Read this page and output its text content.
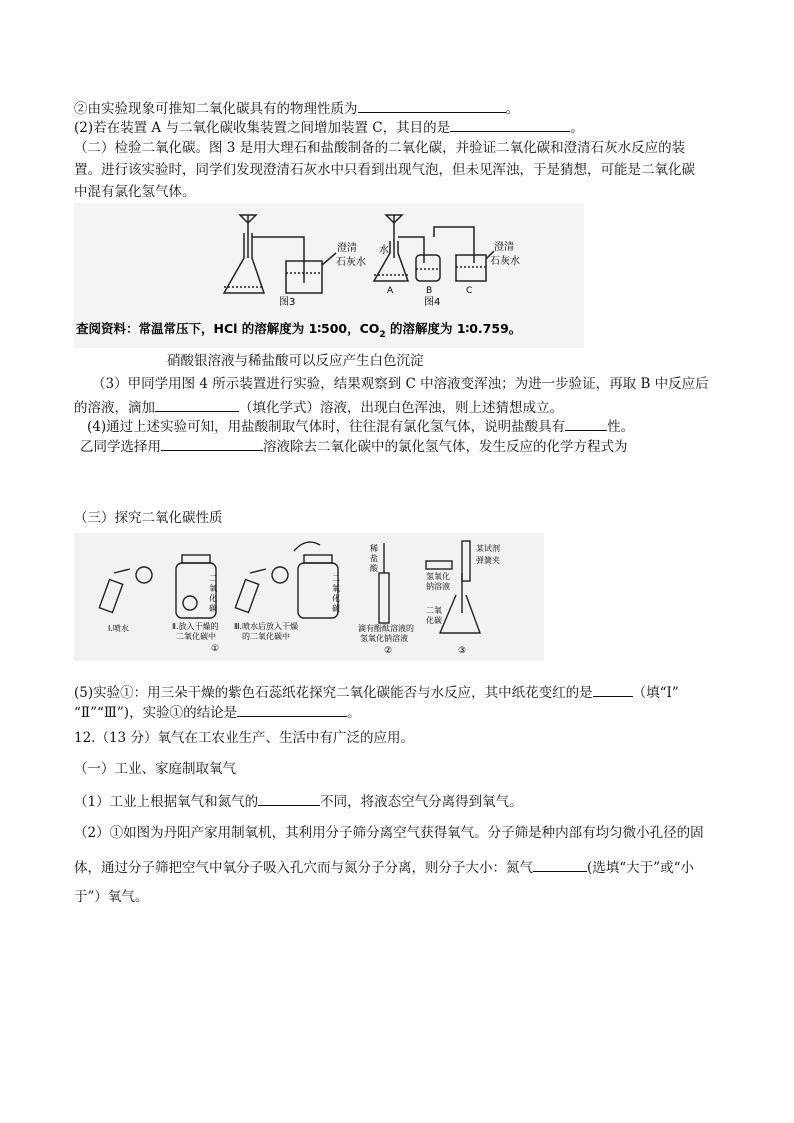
②由实验现象可推知二氧化碳具有的物理性质为	。
(2)若在装置 A 与二氧化碳收集装置之间增加装置 C，其目的是	。
（二）检验二氧化碳。图 3 是用大理石和盐酸制备的二氧化碳，并验证二氧化碳和澄清石灰水反应的装
置。进行该实验时，同学们发现澄清石灰水中只看到出现气泡，但未见浑浊，于是猜想，可能是二氧化碳
中混有氯化氢气体。
澄清
石灰水
图3
水	澄清
石灰水
A	B	C
图4
查阅资料：常温常压下，HCl 的溶解度为 1∶500，$CO_2$ 的溶解度为 1∶0.759。
硝酸银溶液与稀盐酸可以反应产生白色沉淀
（3）甲同学用图 4 所示装置进行实验，结果观察到 C 中溶液变浑浊；为进一步验证，再取 B 中反应后
的溶液，滴加	（填化学式）溶液，出现白色浑浊，则上述猜想成立。
(4)通过上述实验可知，用盐酸制取气体时，往往混有氯化氢气体，说明盐酸具有	性。
乙同学选择用	溶液除去二氧化碳中的氯化氢气体，发生反应的化学方程式为
（三）探究二氧化碳性质
二
氧
化
碳
二
氧
化
碳
Ⅰ.喷水	Ⅱ.放入干燥的
二氧化碳中
Ⅲ.喷水后放入干燥
的二氧化碳中
①
稀
盐
酸
滴有酚酞溶液的
氢氧化钠溶液
②
氢氧化
钠溶液
某试剂
弹簧夹
二氧
化碳
③
(5)实验①：用三朵干燥的紫色石蕊纸花探究二氧化碳能否与水反应，其中纸花变红的是	（填“Ⅰ”
“Ⅱ”“Ⅲ”)，实验①的结论是	。
12.（13 分）氧气在工农业生产、生活中有广泛的应用。
（一）工业、家庭制取氧气
（1）工业上根据氧气和氮气的	不同，将液态空气分离得到氧气。
（2）①如图为丹阳产家用制氧机，其利用分子筛分离空气获得氧气。分子筛是种内部有均匀微小孔径的固
体，通过分子筛把空气中氧分子吸入孔穴而与氮分子分离，则分子大小：氮气	(选填“大于”或“小
于”）氧气。
